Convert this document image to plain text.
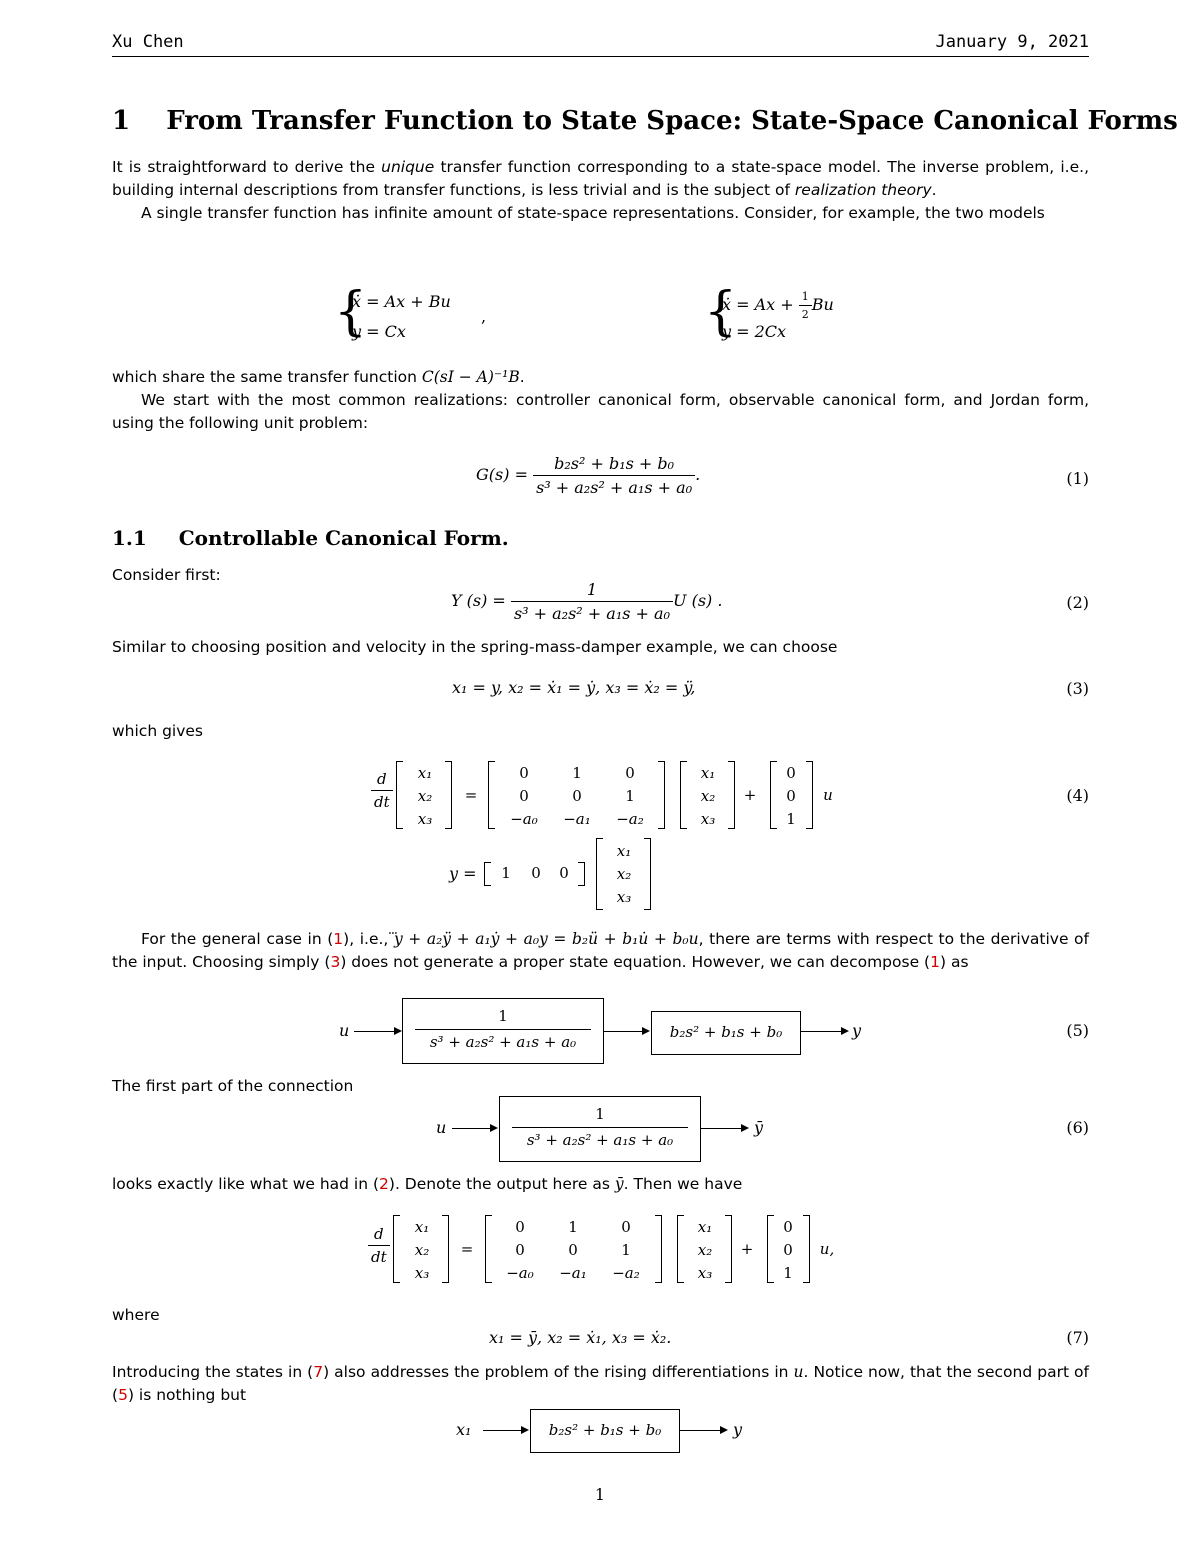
Xu Chen	January 9, 2021
1 From Transfer Function to State Space: State-Space Canonical Forms

It is straightforward to derive the unique transfer function corresponding to a state-space model. The inverse problem, i.e., building internal descriptions from transfer functions, is less trivial and is the subject of realization theory.

A single transfer function has infinite amount of state-space representations. Consider, for example, the two models

{
ẋ = Ax + Bu
y = Cx
,	{
ẋ = $Ax + \frac{1}{2}$ Bu
y = 2Cx

which share the same transfer function C(sI − A)⁻¹B.

We start with the most common realizations: controller canonical form, observable canonical form, and Jordan form, using the following unit problem:

$G(s) = \frac{\text{b₂s² + b₁s + b₀}}{\text{s³ + a₂s² + a₁s + a₀}}$ .	(1)
1.1 Controllable Canonical Form.
Consider first:
Y $(s) = \frac{1}{\text{s³ + a₂s² + a₁s + a₀}}$ U (s) .	(2)
Similar to choosing position and velocity in the spring-mass-damper example, we can choose
x₁ = y, x₂ = ẋ₁ = ẏ, x₃ = ẋ₂ = ÿ,	(3)
which gives
$\frac{d}{dt}$	x₁
x₂
x₃
=
0	1	0
0	0	1
−a₀	−a₁	−a₂
x₁
x₂
x₃
+
0
0
1
u
y =	1	0	0
x₁
x₂
x₃
(4)
For the general case in (1), i.e., ⃛y + a₂ÿ + a₁ẏ + a₀y = b₂ü + b₁u̇ + b₀u, there are terms with respect to the derivative of the input. Choosing simply (3) does not generate a proper state equation. However, we can decompose (1) as
u
1
s³ + a₂s² + a₁s + a₀
b₂s² + b₁s + b₀	y	(5)
The first part of the connection
u
1
s³ + a₂s² + a₁s + a₀
ȳ	(6)
looks exactly like what we had in (2). Denote the output here as ȳ. Then we have
$\frac{d}{dt}$	x₁
x₂
x₃
=
0	1	0
0	0	1
−a₀	−a₁	−a₂
x₁
x₂
x₃
+
0
0
1
u,
where
x₁ = ȳ, x₂ = ẋ₁, x₃ = ẋ₂.	(7)
Introducing the states in (7) also addresses the problem of the rising differentiations in u. Notice now, that the second part of (5) is nothing but
x₁	b₂s² + b₁s + b₀	y
1
